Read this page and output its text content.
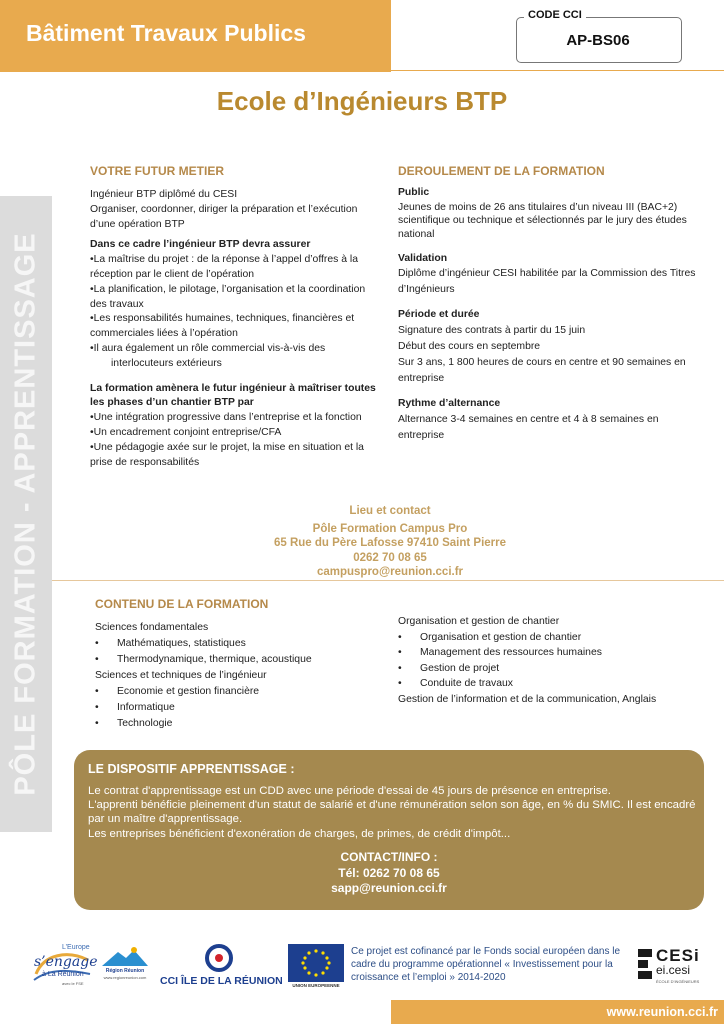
Bâtiment Travaux Publics
CODE CCI
AP-BS06
Ecole d’Ingénieurs BTP
PÔLE FORMATION - APPRENTISSAGE
VOTRE FUTUR METIER
Ingénieur BTP diplômé du CESI
Organiser, coordonner, diriger la préparation et l’exécution d’une opération BTP
Dans ce cadre l’ingénieur BTP devra assurer
•La maîtrise du projet : de la réponse à l’appel d’offres à la réception par le client de l’opération
•La planification, le pilotage, l’organisation et la coordination des travaux
•Les responsabilités humaines, techniques, financières et commerciales liées à l’opération
•Il aura également un rôle commercial vis-à-vis des
interlocuteurs extérieurs
La formation amènera le futur ingénieur à maîtriser toutes les phases d’un chantier BTP par
•Une intégration progressive dans l’entreprise et la fonction
•Un encadrement conjoint entreprise/CFA
•Une pédagogie axée sur le projet, la mise en situation et la prise de responsabilités
DEROULEMENT DE LA FORMATION
Public
Jeunes de moins de 26 ans titulaires d’un niveau III (BAC+2) scientifique ou technique et sélectionnés par le jury des études national
Validation
Diplôme d’ingénieur CESI habilitée par la Commission des Titres d’Ingénieurs
Période et durée
Signature des contrats à partir du 15 juin
Début des cours en septembre
Sur 3 ans, 1 800 heures de cours en centre et 90 semaines en entreprise
Rythme d’alternance
Alternance 3-4 semaines en centre et 4 à 8 semaines en entreprise
Lieu et contact
Pôle Formation Campus Pro
65 Rue du Père Lafosse 97410 Saint Pierre
0262 70 08 65
campuspro@reunion.cci.fr
CONTENU DE LA FORMATION
Sciences fondamentales
•	Mathématiques, statistiques
•	Thermodynamique, thermique, acoustique
Sciences et techniques de l’ingénieur
•	Economie et gestion financière
•	Informatique
•	Technologie
Organisation et gestion de chantier
•	Organisation et gestion de chantier
•	Management des ressources humaines
•	Gestion de projet
•	Conduite de travaux
Gestion de l’information et de la communication, Anglais
LE DISPOSITIF APPRENTISSAGE :
Le contrat d'apprentissage est un CDD avec une période d'essai de 45 jours de présence en entreprise.
L'apprenti bénéficie pleinement d'un statut de salarié et d'une rémunération selon son âge, en % du SMIC. Il est encadré par un maître d'apprentissage.
Les entreprises bénéficient d'exonération de charges, de primes, de crédit d'impôt...
CONTACT/INFO :
Tél: 0262 70 08 65
sapp@reunion.cci.fr
L’Europe
s’engage
à La Réunion
avec le FSE
Région Réunion
www.regionreunion.com	CCI ÎLE DE LA RÉUNION	UNION EUROPEENNE
Ce projet est cofinancé par le Fonds social européen dans le cadre du programme opérationnel « Investissement pour la croissance et l’emploi » 2014-2020
CESi
ei.cesi
ÉCOLE D’INGÉNIEURS
www.reunion.cci.fr
